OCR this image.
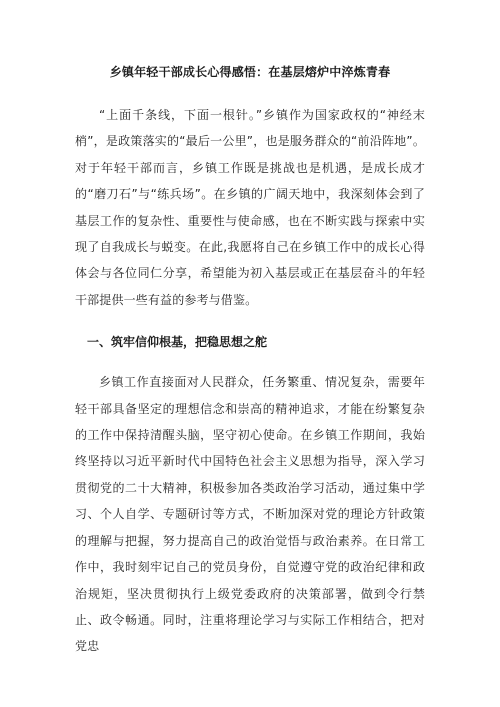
乡镇年轻干部成长心得感悟：在基层熔炉中淬炼青春

“上面千条线，下面一根针。”乡镇作为国家政权的“神经末梢”，是政策落实的“最后一公里”，也是服务群众的“前沿阵地”。对于年轻干部而言，乡镇工作既是挑战也是机遇，是成长成才的“磨刀石”与“练兵场”。在乡镇的广阔天地中，我深刻体会到了基层工作的复杂性、重要性与使命感，也在不断实践与探索中实现了自我成长与蜕变。在此,我愿将自己在乡镇工作中的成长心得体会与各位同仁分享，希望能为初入基层或正在基层奋斗的年轻干部提供一些有益的参考与借鉴。

一、筑牢信仰根基，把稳思想之舵

乡镇工作直接面对人民群众，任务繁重、情况复杂，需要年轻干部具备坚定的理想信念和崇高的精神追求，才能在纷繁复杂的工作中保持清醒头脑，坚守初心使命。在乡镇工作期间，我始终坚持以习近平新时代中国特色社会主义思想为指导，深入学习贯彻党的二十大精神，积极参加各类政治学习活动，通过集中学习、个人自学、专题研讨等方式，不断加深对党的理论方针政策的理解与把握，努力提高自己的政治觉悟与政治素养。在日常工作中，我时刻牢记自己的党员身份，自觉遵守党的政治纪律和政治规矩，坚决贯彻执行上级党委政府的决策部署，做到令行禁止、政令畅通。同时，注重将理论学习与实际工作相结合，把对党忠
